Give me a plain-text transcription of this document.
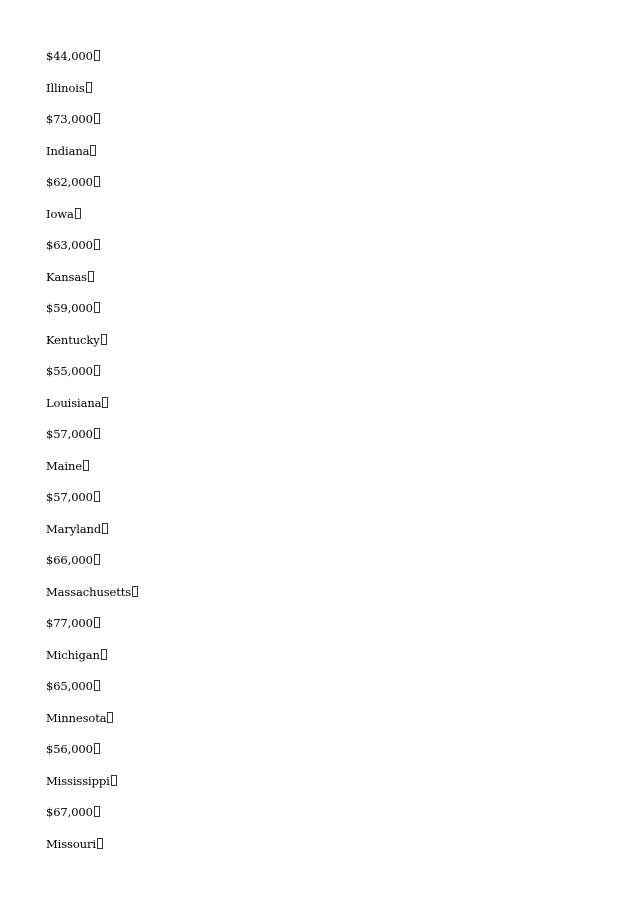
$44,000
Illinois
$73,000
Indiana
$62,000
Iowa
$63,000
Kansas
$59,000
Kentucky
$55,000
Louisiana
$57,000
Maine
$57,000
Maryland
$66,000
Massachusetts
$77,000
Michigan
$65,000
Minnesota
$56,000
Mississippi
$67,000
Missouri
